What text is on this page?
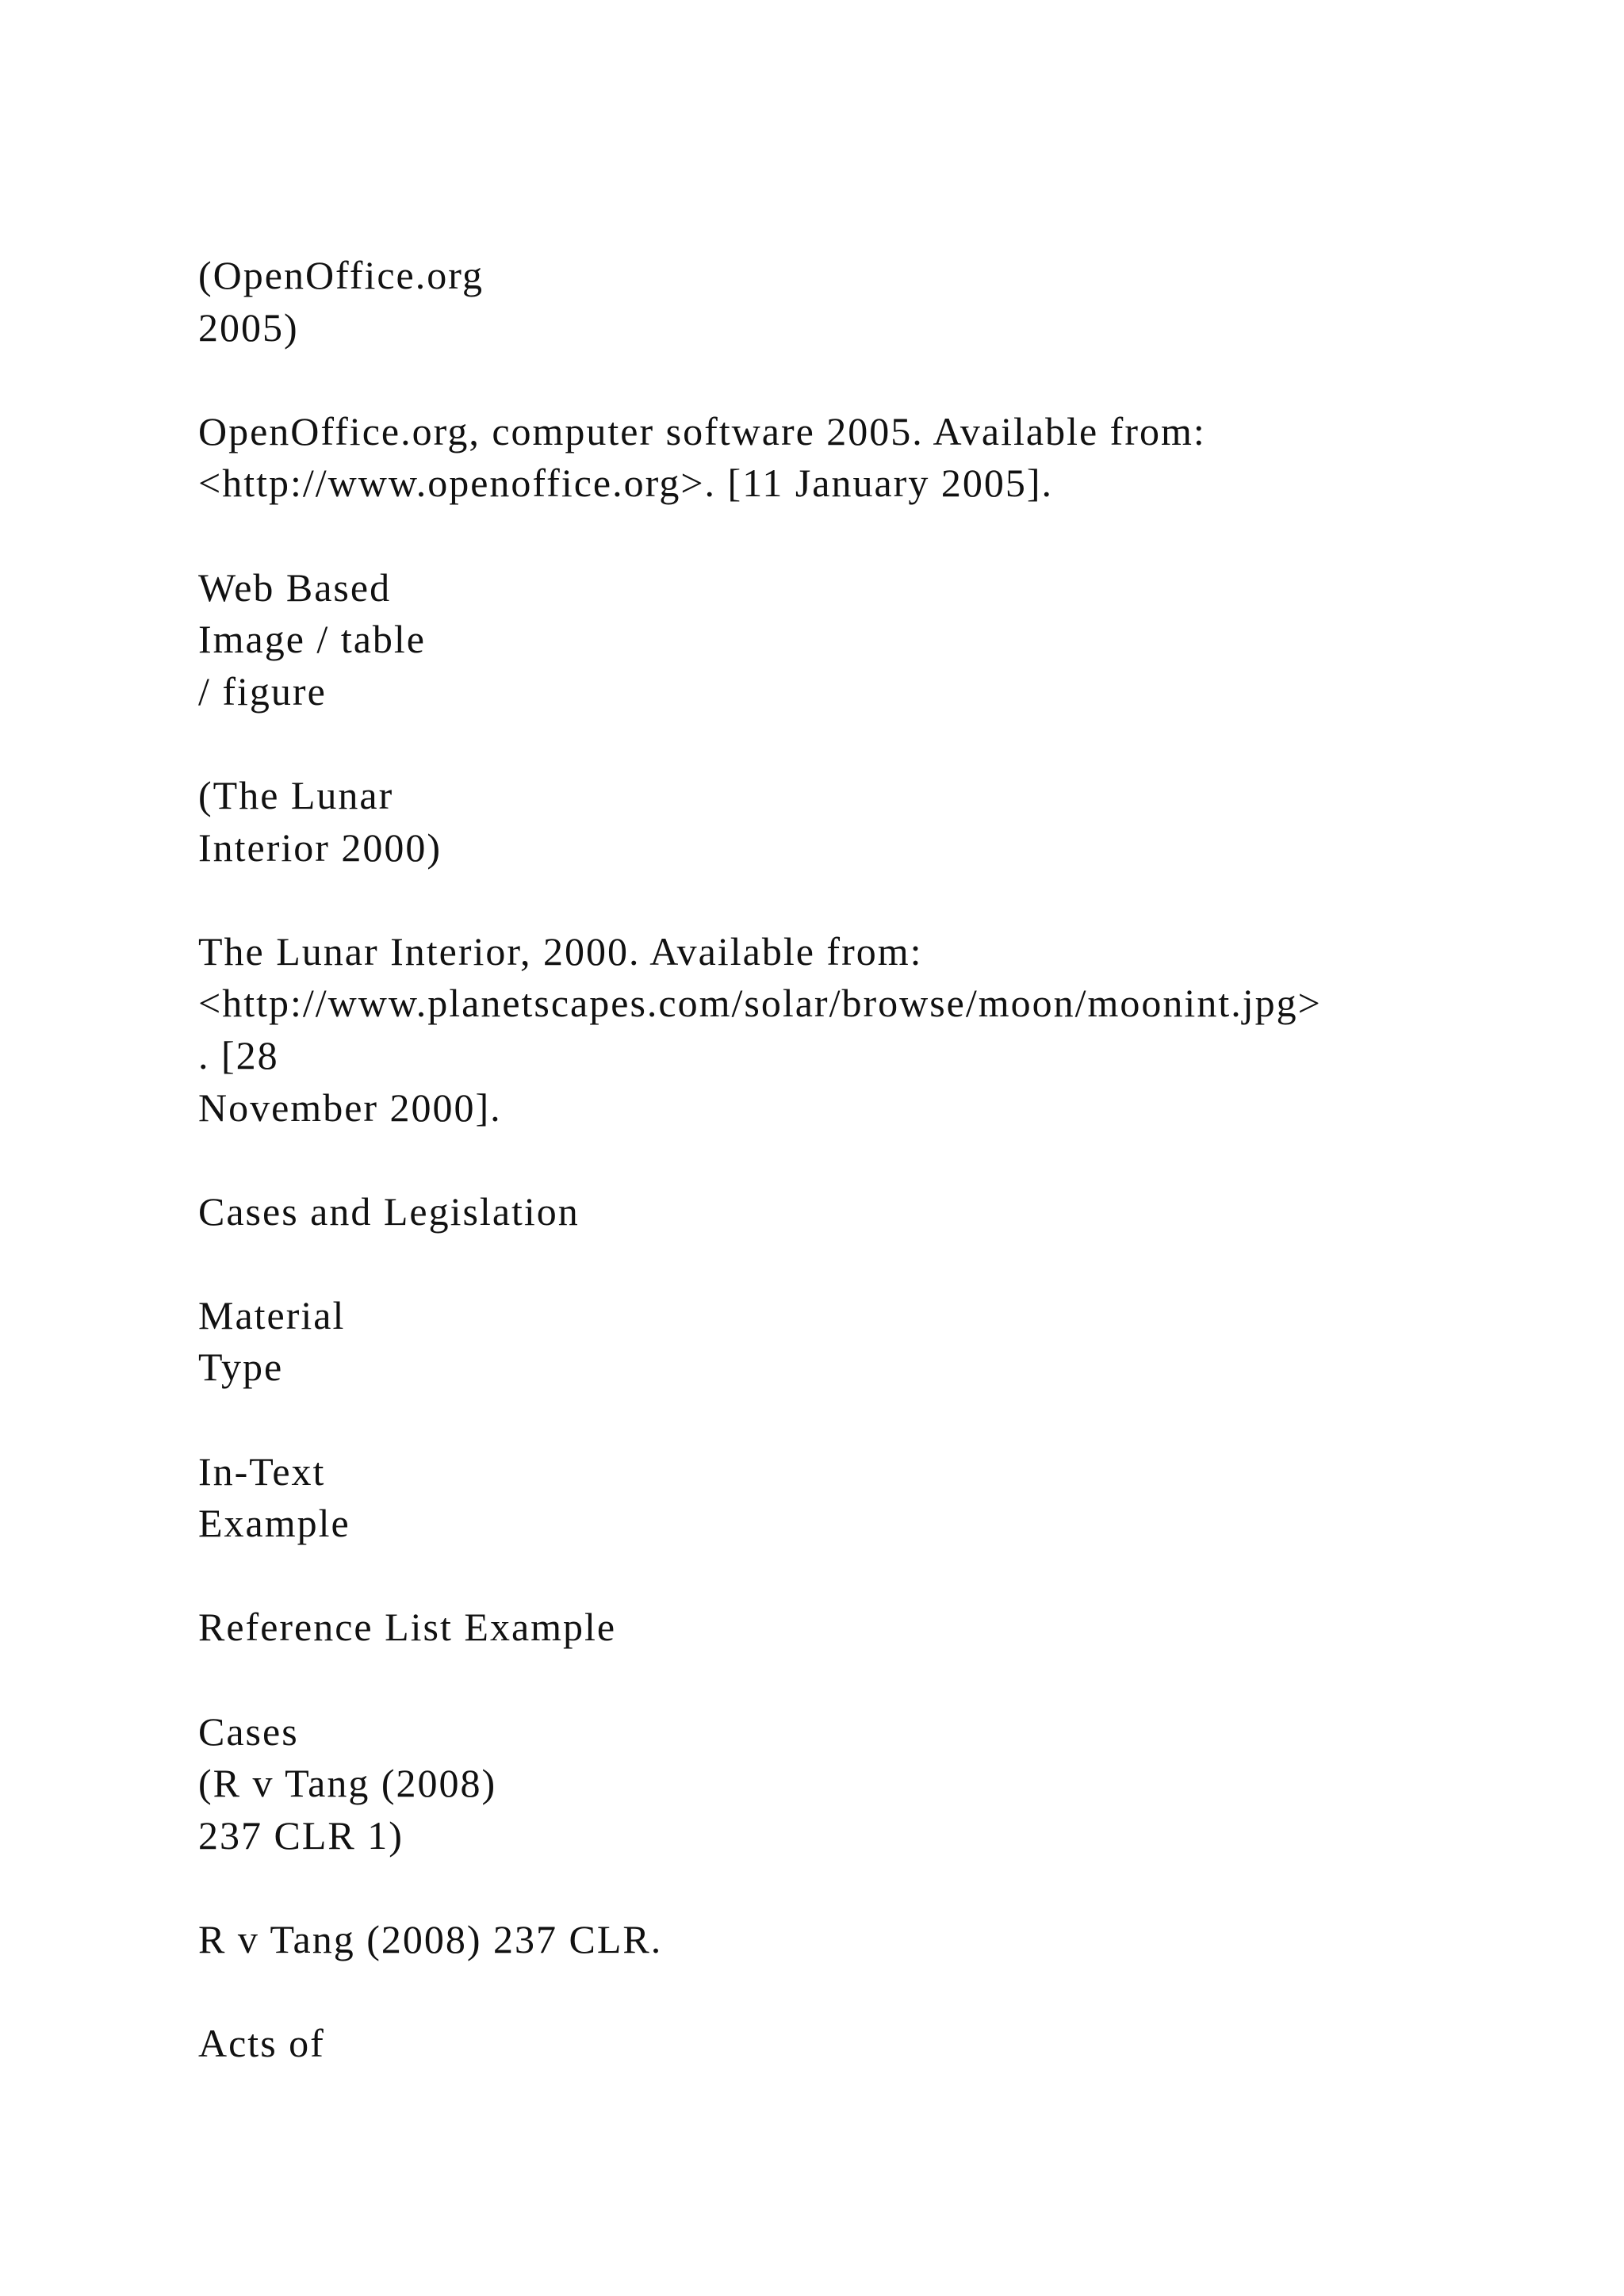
(OpenOffice.org
2005)

OpenOffice.org, computer software 2005. Available from:
<http://www.openoffice.org>. [11 January 2005].

Web Based
Image / table
/ figure

(The Lunar
Interior 2000)

The Lunar Interior, 2000. Available from:
<http://www.planetscapes.com/solar/browse/moon/moonint.jpg>
. [28
November 2000].

Cases and Legislation

Material
Type

In-Text
Example

Reference List Example

Cases
(R v Tang (2008)
237 CLR 1)

R v Tang (2008) 237 CLR.

Acts of
